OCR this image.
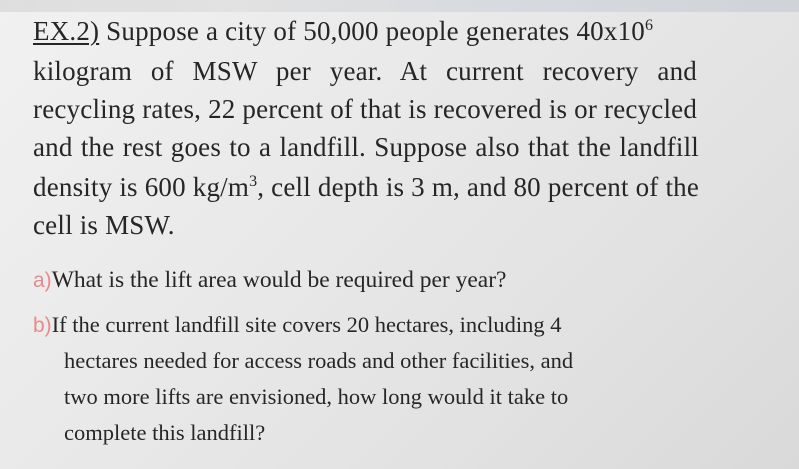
EX.2) Suppose a city of 50,000 people generates $40x10^6$
kilogram of MSW per year. At current recovery and
recycling rates, 22 percent of that is recovered is or recycled
and the rest goes to a landfill. Suppose also that the landfill
density is 600 $kg/m^3$, cell depth is 3 m, and 80 percent of the
cell is MSW.
a)What is the lift area would be required per year?
b)If the current landfill site covers 20 hectares, including 4
hectares needed for access roads and other facilities, and
two more lifts are envisioned, how long would it take to
complete this landfill?
